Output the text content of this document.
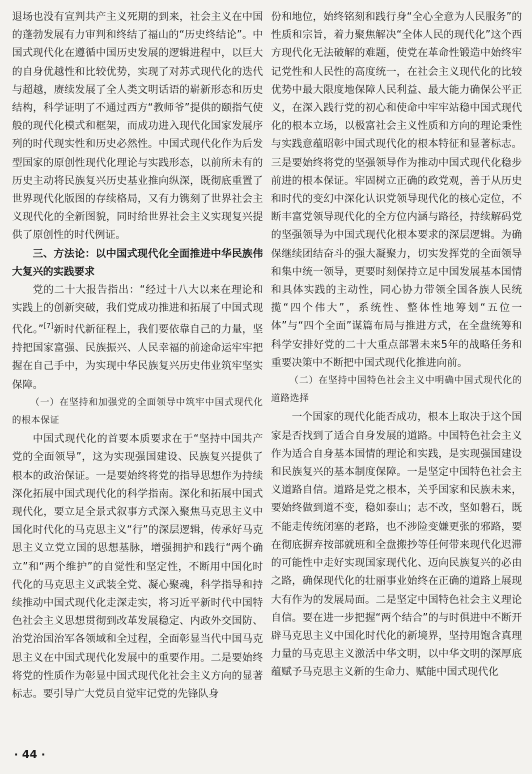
退场也没有宣判共产主义死期的到来，社会主义在中国的蓬勃发展有力审判和终结了福山的“历史终结论”。中国式现代化在遵循中国历史发展的逻辑进程中，以巨大的自身优越性和比较优势，实现了对苏式现代化的迭代与超越，赓续发展了全人类文明话语的崭新形态和历史结构，科学证明了不通过西方“教师爷”提供的颐指气使般的现代化模式和框架，而成功进入现代化国家发展序列的时代现实性和历史必然性。中国式现代化作为后发型国家的原创性现代化理论与实践形态，以前所未有的历史主动将民族复兴历史基业推向纵深，既彻底重置了世界现代化版图的存续格局，又有力镌刻了世界社会主义现代化的全新图貌，同时给世界社会主义实现复兴提供了原创性的时代例证。

三、方法论：以中国式现代化全面推进中华民族伟大复兴的实践要求

党的二十大报告指出：“经过十八大以来在理论和实践上的创新突破，我们党成功推进和拓展了中国式现代化。”[7]新时代新征程上，我们要依靠自己的力量，坚持把国家富强、民族振兴、人民幸福的前途命运牢牢把握在自己手中，为实现中华民族复兴历史伟业筑牢坚实保障。

（一）在坚持和加强党的全面领导中筑牢中国式现代化的根本保证

中国式现代化的首要本质要求在于“坚持中国共产党的全面领导”，这为实现强国建设、民族复兴提供了根本的政治保证。一是要始终将党的指导思想作为持续深化拓展中国式现代化的科学指南。深化和拓展中国式现代化，要立足全景式叙事方式深入聚焦马克思主义中国化时代化的马克思主义“行”的深层逻辑，传承好马克思主义立党立国的思想基脉，增强拥护和践行“两个确立”和“两个维护”的自觉性和坚定性，不断用中国化时代化的马克思主义武装全党、凝心聚魂，科学指导和持续推动中国式现代化走深走实，将习近平新时代中国特色社会主义思想贯彻到改革发展稳定、内政外交国防、治党治国治军各领域和全过程，全面彰显当代中国马克思主义在中国式现代化发展中的重要作用。二是要始终将党的性质作为彰显中国式现代化社会主义方向的显著标志。要引导广大党员自觉牢记党的先锋队身

份和地位，始终铭刻和践行身“全心全意为人民服务”的性质和宗旨，着力聚焦解决“全体人民的现代化”这个西方现代化无法破解的难题，使党在革命性锻造中始终牢记党性和人民性的高度统一，在社会主义现代化的比较优势中最大限度地保障人民利益、最大能力确保公平正义，在深入践行党的初心和使命中牢牢站稳中国式现代化的根本立场，以极富社会主义性质和方向的理论秉性与实践意蕴昭彰中国式现代化的根本特征和显著标志。三是要始终将党的坚强领导作为推动中国式现代化稳步前进的根本保证。牢固树立正确的政党观，善于从历史和时代的变幻中深化认识党领导现代化的核心定位，不断丰富党领导现代化的全方位内涵与路径，持续解码党的坚强领导为中国式现代化根本要求的深层逻辑。为确保继续团结奋斗的强大凝聚力，切实发挥党的全面领导和集中统一领导，更要时刻保持立足中国发展基本国情和具体实践的主动性，同心协力带领全国各族人民统揽“四个伟大”，系统性、整体性地筹划“五位一体”与“四个全面”谋篇布局与推进方式，在全盘统筹和科学安排好党的二十大重点部署未来5年的战略任务和重要决策中不断把中国式现代化推进向前。

（二）在坚持中国特色社会主义中明确中国式现代化的道路选择

一个国家的现代化能否成功，根本上取决于这个国家是否找到了适合自身发展的道路。中国特色社会主义作为适合自身基本国情的理论和实践，是实现强国建设和民族复兴的基本制度保障。一是坚定中国特色社会主义道路自信。道路是党之根本，关乎国家和民族未来，要始终做到道不变，稳如泰山；志不改，坚如磐石，既不能走传统闭塞的老路，也不涉险变嫌更张的邪路，要在彻底摒弃按部就班和全盘搬抄等任何带来现代化迟滞的可能性中走好实现国家现代化、迈向民族复兴的必由之路，确保现代化的壮丽事业始终在正确的道路上展现大有作为的发展局面。二是坚定中国特色社会主义理论自信。要在进一步把握“两个结合”的与时俱进中不断开辟马克思主义中国化时代化的新境界，坚持用饱含真理力量的马克思主义激活中华文明，以中华文明的深厚底蕴赋予马克思主义新的生命力、赋能中国式现代化

· 44 ·
